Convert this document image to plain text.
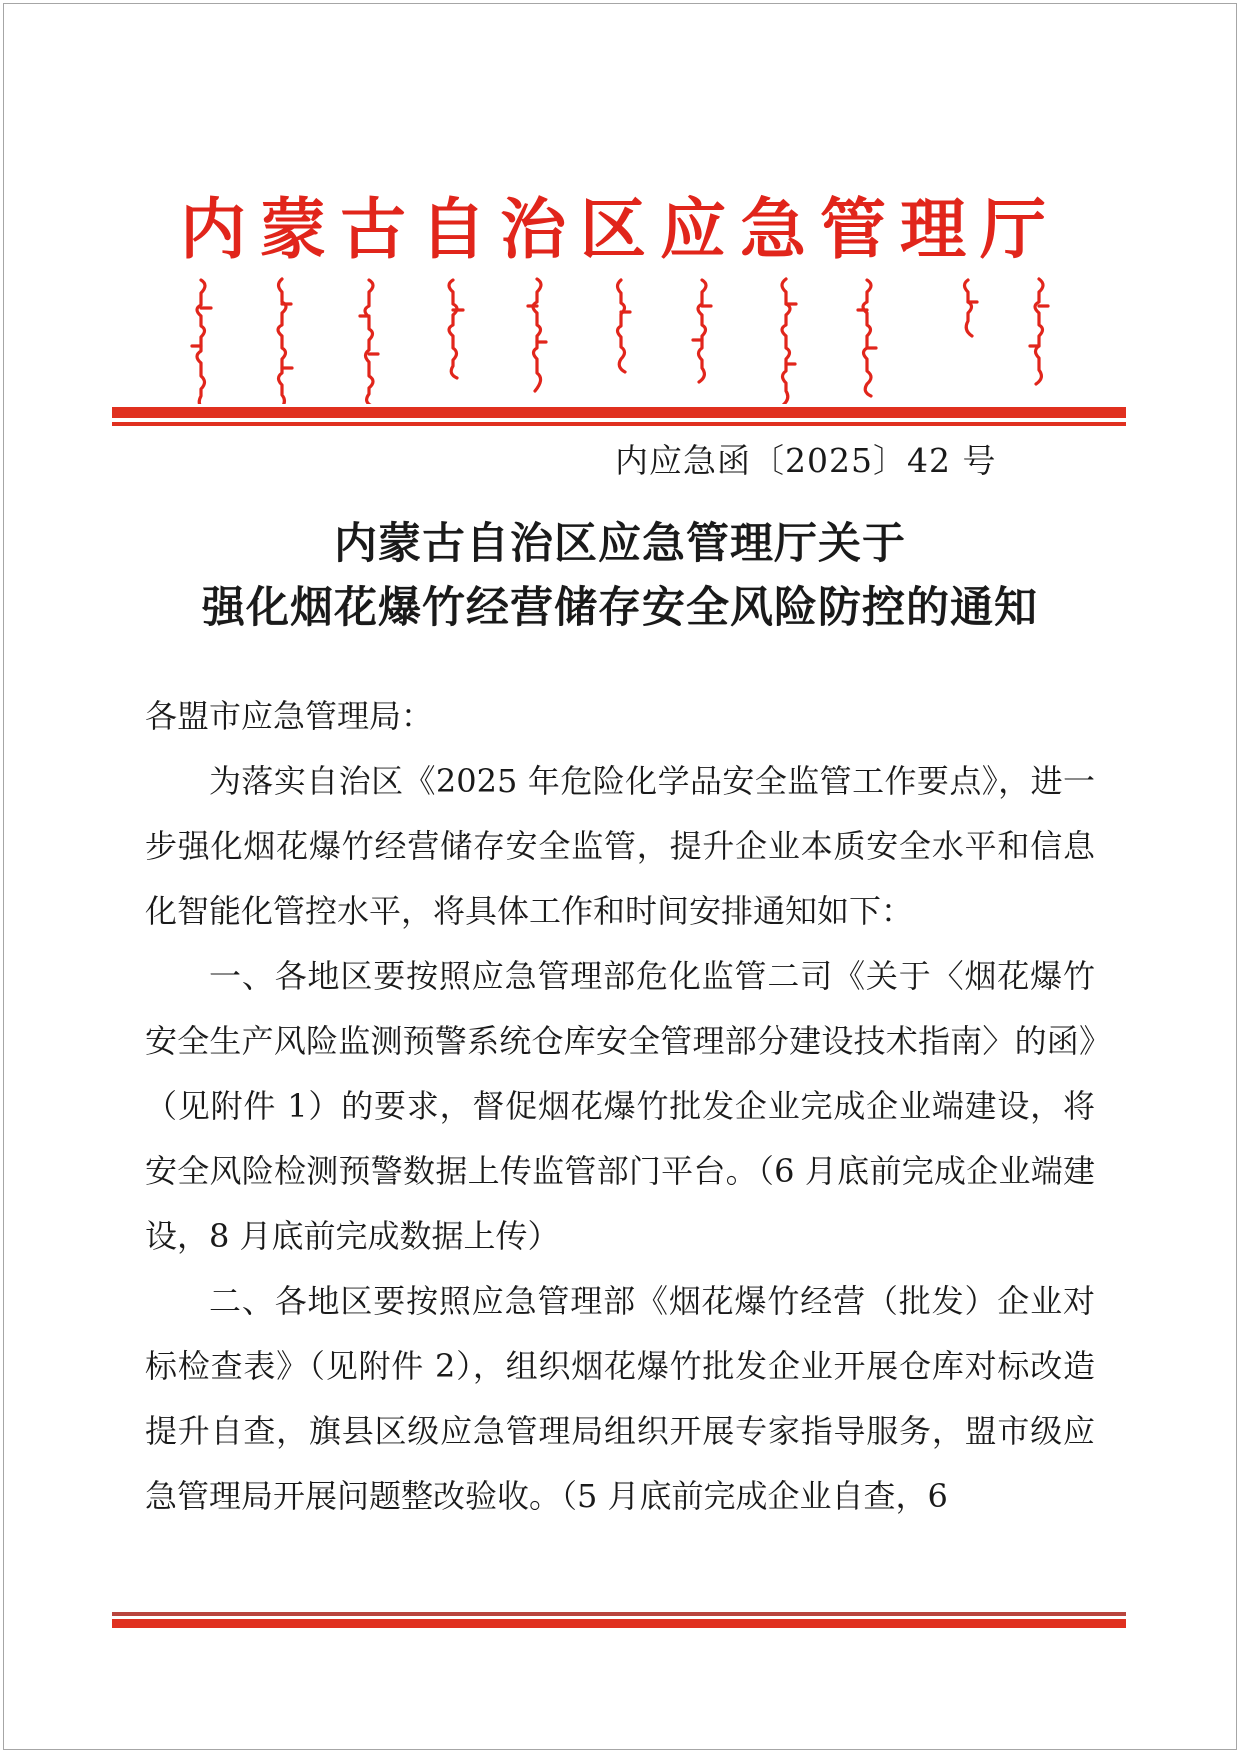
内蒙古自治区应急管理厅
内应急函〔2025〕42 号
内蒙古自治区应急管理厅关于
强化烟花爆竹经营储存安全风险防控的通知

各盟市应急管理局：

为落实自治区《2025 年危险化学品安全监管工作要点》，进一步强化烟花爆竹经营储存安全监管，提升企业本质安全水平和信息化智能化管控水平，将具体工作和时间安排通知如下：

一、各地区要按照应急管理部危化监管二司《关于〈烟花爆竹安全生产风险监测预警系统仓库安全管理部分建设技术指南〉的函》（见附件 1）的要求，督促烟花爆竹批发企业完成企业端建设，将安全风险检测预警数据上传监管部门平台。（6 月底前完成企业端建设，8 月底前完成数据上传）

二、各地区要按照应急管理部《烟花爆竹经营（批发）企业对标检查表》（见附件 2），组织烟花爆竹批发企业开展仓库对标改造提升自查，旗县区级应急管理局组织开展专家指导服务，盟市级应急管理局开展问题整改验收。（5 月底前完成企业自查，6
